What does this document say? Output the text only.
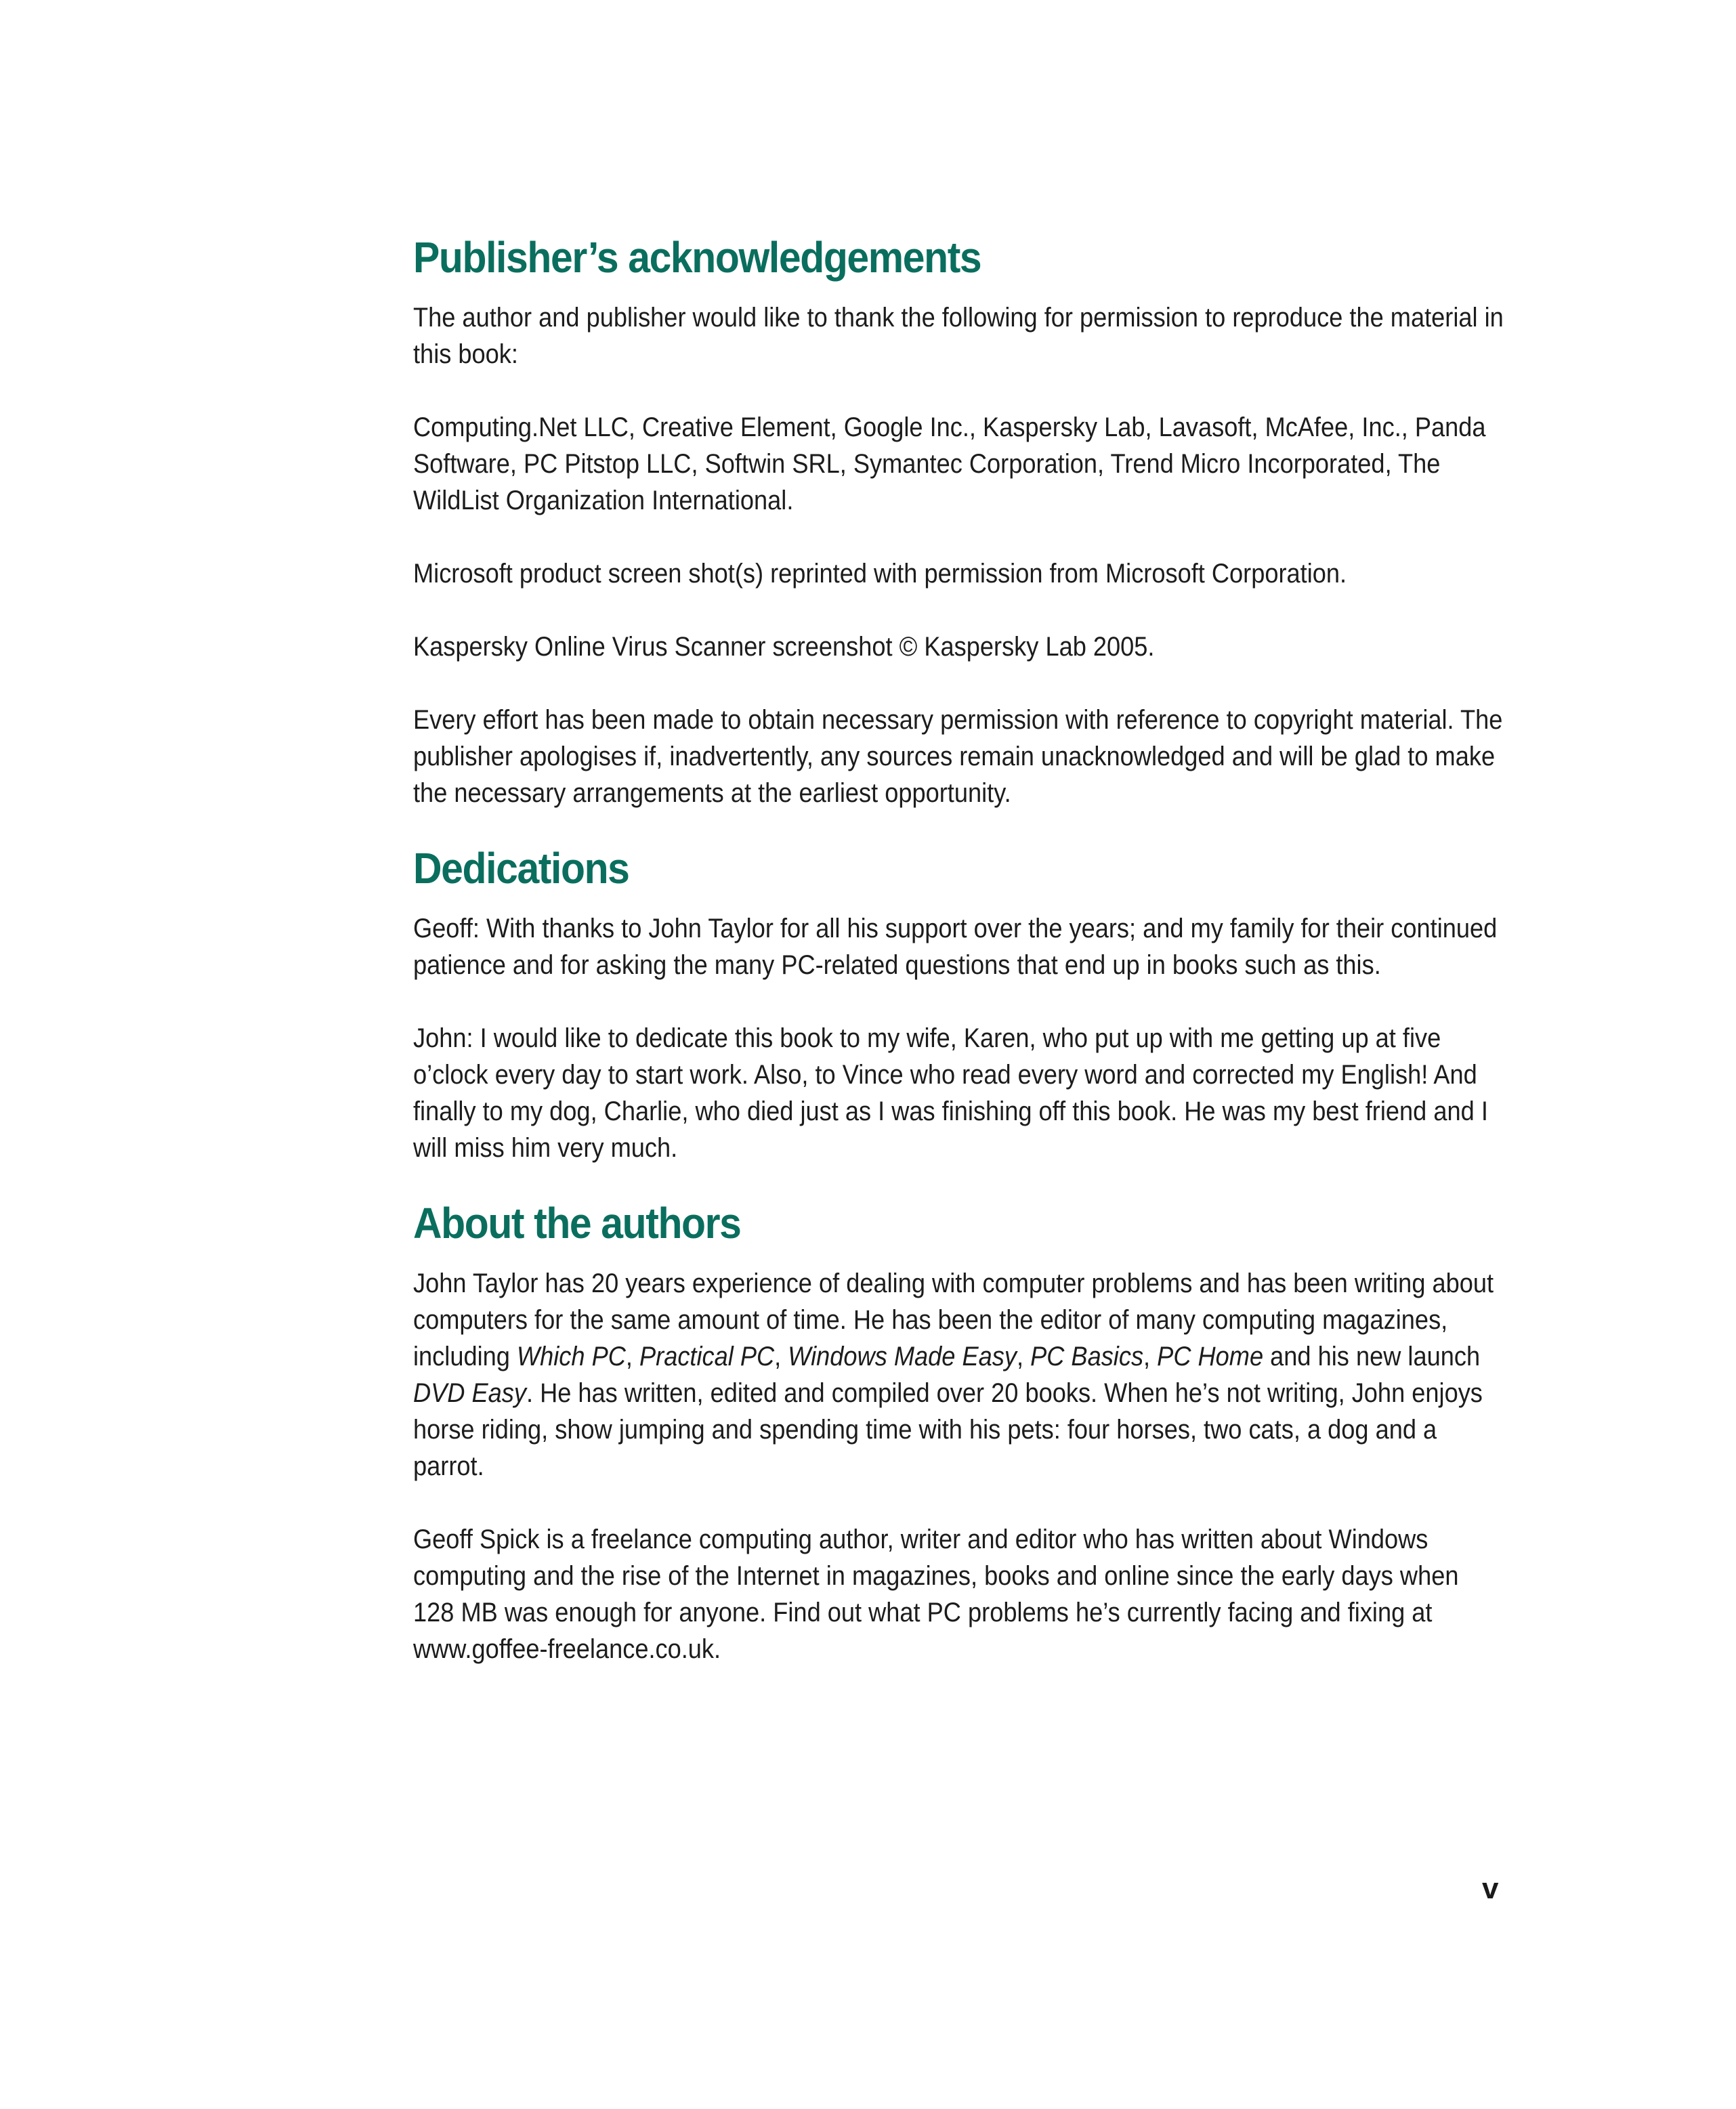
Publisher’s acknowledgements

The author and publisher would like to thank the following for permission to reproduce the material in this book:

Computing.Net LLC, Creative Element, Google Inc., Kaspersky Lab, Lavasoft, McAfee, Inc., Panda Software, PC Pitstop LLC, Softwin SRL, Symantec Corporation, Trend Micro Incorporated, The WildList Organization International.

Microsoft product screen shot(s) reprinted with permission from Microsoft Corporation.

Kaspersky Online Virus Scanner screenshot © Kaspersky Lab 2005.

Every effort has been made to obtain necessary permission with reference to copyright material. The publisher apologises if, inadvertently, any sources remain unacknowledged and will be glad to make the necessary arrangements at the earliest opportunity.

Dedications

Geoff: With thanks to John Taylor for all his support over the years; and my family for their continued patience and for asking the many PC-related questions that end up in books such as this.

John: I would like to dedicate this book to my wife, Karen, who put up with me getting up at five o’clock every day to start work. Also, to Vince who read every word and corrected my English! And finally to my dog, Charlie, who died just as I was finishing off this book. He was my best friend and I will miss him very much.

About the authors

John Taylor has 20 years experience of dealing with computer problems and has been writing about computers for the same amount of time. He has been the editor of many computing magazines, including Which PC, Practical PC, Windows Made Easy, PC Basics, PC Home and his new launch DVD Easy. He has written, edited and compiled over 20 books. When he’s not writing, John enjoys horse riding, show jumping and spending time with his pets: four horses, two cats, a dog and a parrot.

Geoff Spick is a freelance computing author, writer and editor who has written about Windows computing and the rise of the Internet in magazines, books and online since the early days when 128 MB was enough for anyone. Find out what PC problems he’s currently facing and fixing at www.goffee-freelance.co.uk.

v
